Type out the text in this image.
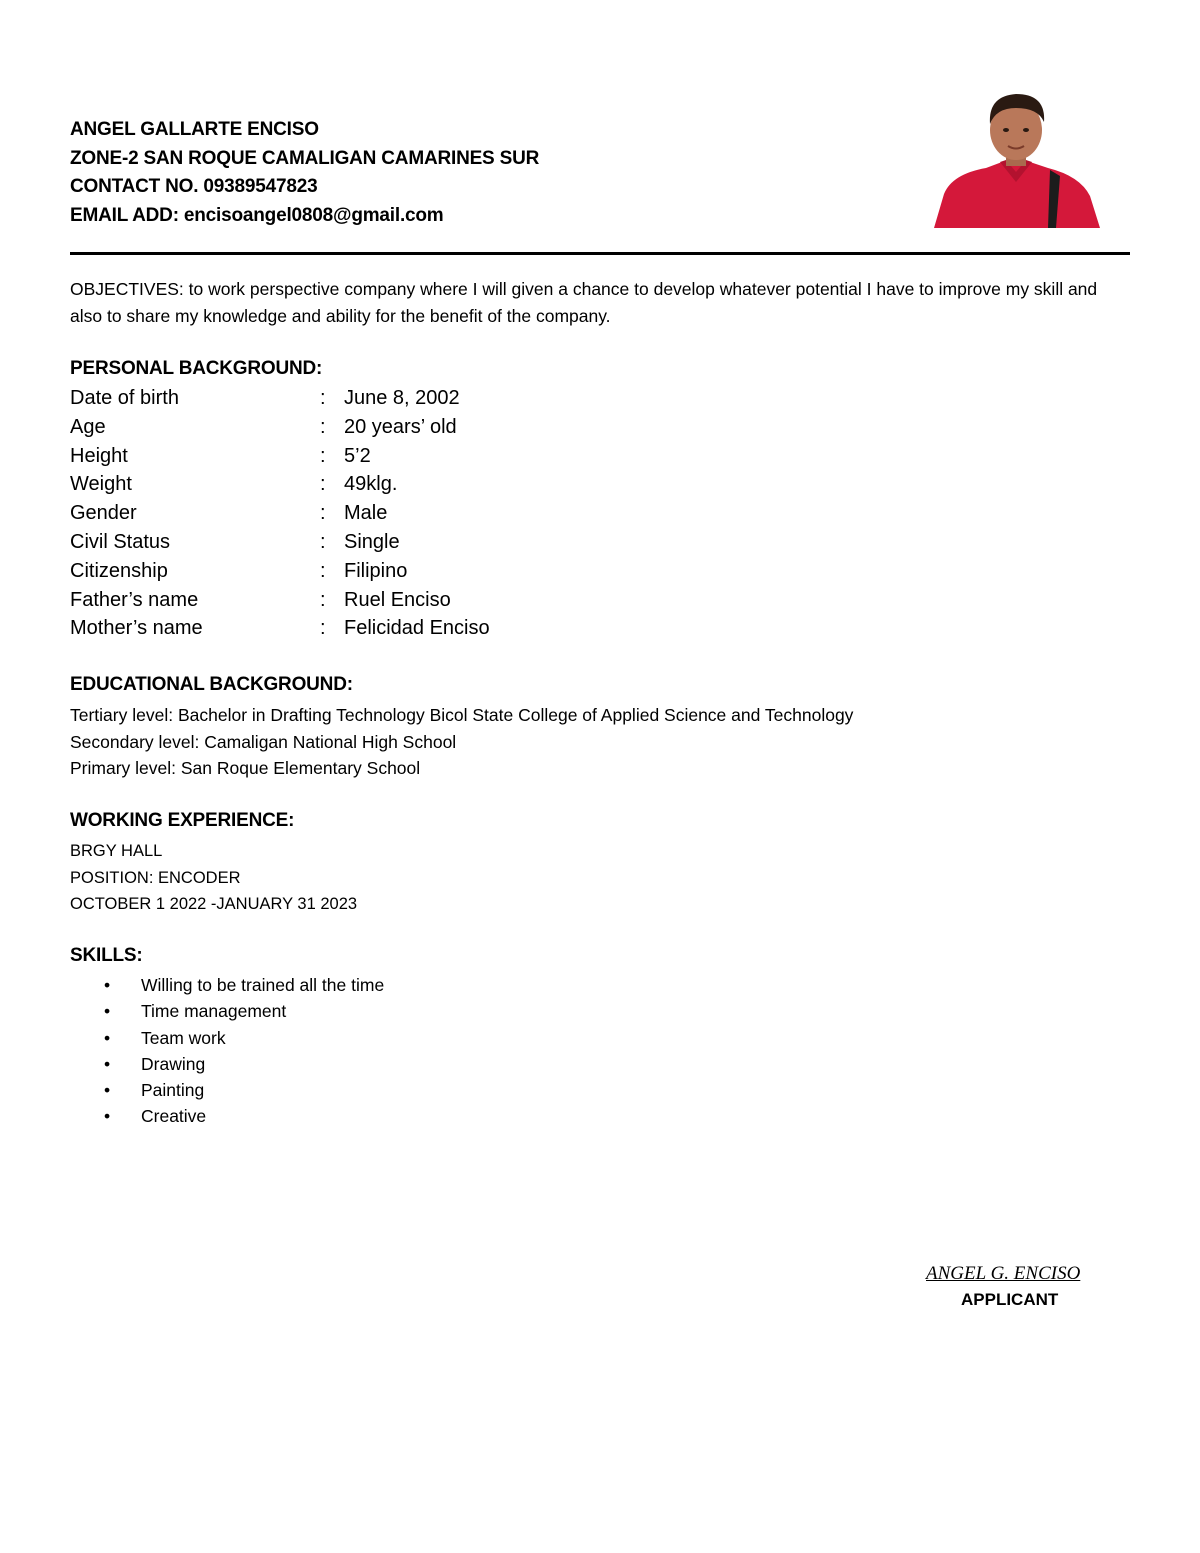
ANGEL GALLARTE ENCISO
ZONE-2 SAN ROQUE CAMALIGAN CAMARINES SUR
CONTACT NO. 09389547823
EMAIL ADD: encisoangel0808@gmail.com
OBJECTIVES: to work perspective company where I will given a chance to develop whatever potential I have to improve my skill and also to share my knowledge and ability for the benefit of the company.
PERSONAL BACKGROUND:
Date of birth	: June 8, 2002
Age	: 20 years’ old
Height	: 5’2
Weight	: 49klg.
Gender	: Male
Civil Status	: Single
Citizenship	: Filipino
Father’s name	: Ruel Enciso
Mother’s name	: Felicidad Enciso
EDUCATIONAL BACKGROUND:
Tertiary level: Bachelor in Drafting Technology Bicol State College of Applied Science and Technology
Secondary level: Camaligan National High School
Primary level: San Roque Elementary School
WORKING EXPERIENCE:
BRGY HALL
POSITION: ENCODER
OCTOBER 1 2022 -JANUARY 31 2023
SKILLS:
• Willing to be trained all the time
• Time management
• Team work
• Drawing
• Painting
• Creative
ANGEL G. ENCISO
APPLICANT
